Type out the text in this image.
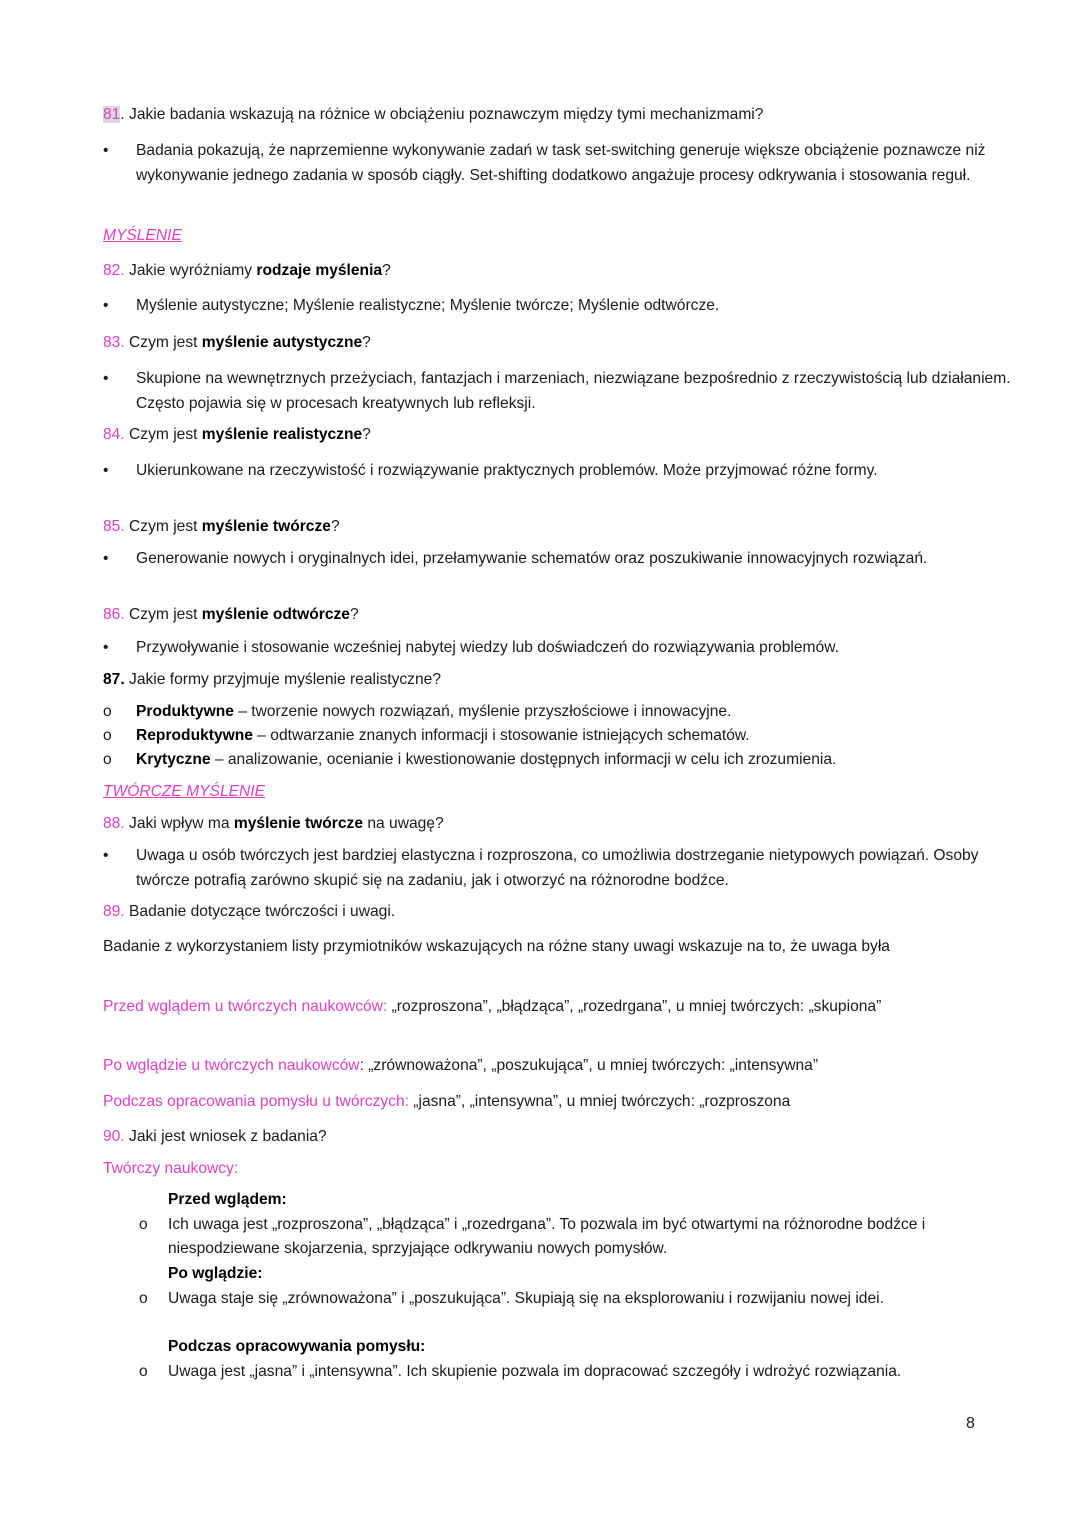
81. Jakie badania wskazują na różnice w obciążeniu poznawczym między tymi mechanizmami?
•	Badania pokazują, że naprzemienne wykonywanie zadań w task set-switching generuje większe obciążenie poznawcze niż wykonywanie jednego zadania w sposób ciągły. Set-shifting dodatkowo angażuje procesy odkrywania i stosowania reguł.
MYŚLENIE
82. Jakie wyróżniamy rodzaje myślenia?
•	Myślenie autystyczne; Myślenie realistyczne; Myślenie twórcze; Myślenie odtwórcze.
83. Czym jest myślenie autystyczne?
•	Skupione na wewnętrznych przeżyciach, fantazjach i marzeniach, niezwiązane bezpośrednio z rzeczywistością lub działaniem. Często pojawia się w procesach kreatywnych lub refleksji.
84. Czym jest myślenie realistyczne?
•	Ukierunkowane na rzeczywistość i rozwiązywanie praktycznych problemów. Może przyjmować różne formy.
85. Czym jest myślenie twórcze?
•	Generowanie nowych i oryginalnych idei, przełamywanie schematów oraz poszukiwanie innowacyjnych rozwiązań.
86. Czym jest myślenie odtwórcze?
•	Przywoływanie i stosowanie wcześniej nabytej wiedzy lub doświadczeń do rozwiązywania problemów.
87. Jakie formy przyjmuje myślenie realistyczne?
o	Produktywne – tworzenie nowych rozwiązań, myślenie przyszłościowe i innowacyjne.
o	Reproduktywne – odtwarzanie znanych informacji i stosowanie istniejących schematów.
o	Krytyczne – analizowanie, ocenianie i kwestionowanie dostępnych informacji w celu ich zrozumienia.
TWÓRCZE MYŚLENIE
88. Jaki wpływ ma myślenie twórcze na uwagę?
•	Uwaga u osób twórczych jest bardziej elastyczna i rozproszona, co umożliwia dostrzeganie nietypowych powiązań. Osoby twórcze potrafią zarówno skupić się na zadaniu, jak i otworzyć na różnorodne bodźce.
89. Badanie dotyczące twórczości i uwagi.
Badanie z wykorzystaniem listy przymiotników wskazujących na różne stany uwagi wskazuje na to, że uwaga była
Przed wglądem u twórczych naukowców: „rozproszona”, „błądząca”, „rozedrgana”, u mniej twórczych: „skupiona”
Po wglądzie u twórczych naukowców: „zrównoważona”, „poszukująca”, u mniej twórczych: „intensywna”
Podczas opracowania pomysłu u twórczych: „jasna”, „intensywna”, u mniej twórczych: „rozproszona
90. Jaki jest wniosek z badania?
Twórczy naukowcy:
Przed wglądem:
o Ich uwaga jest „rozproszona”, „błądząca” i „rozedrgana”. To pozwala im być otwartymi na różnorodne bodźce i niespodziewane skojarzenia, sprzyjające odkrywaniu nowych pomysłów.
Po wglądzie:
o Uwaga staje się „zrównoważona” i „poszukująca”. Skupiają się na eksplorowaniu i rozwijaniu nowej idei.
Podczas opracowywania pomysłu:
o Uwaga jest „jasna” i „intensywna”. Ich skupienie pozwala im dopracować szczegóły i wdrożyć rozwiązania.
8
